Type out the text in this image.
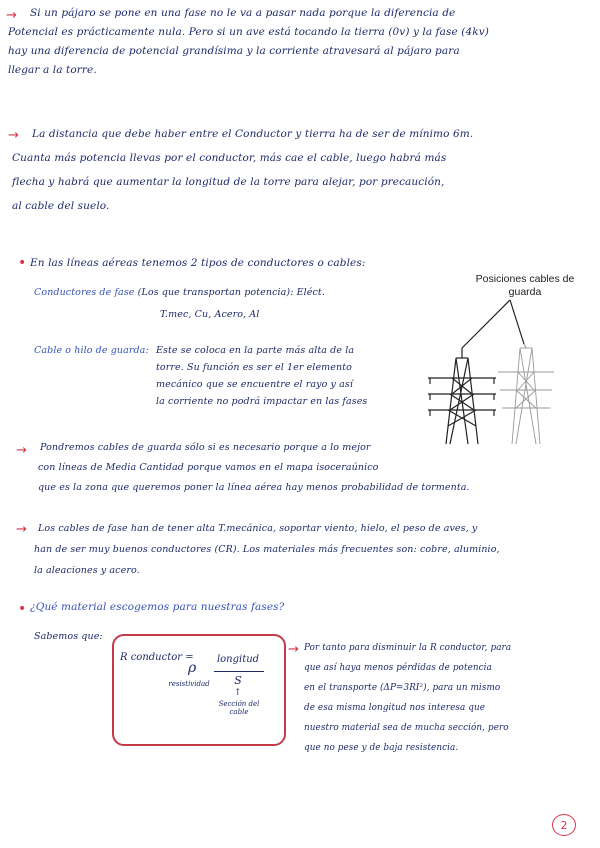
→ Si un pájaro se pone en una fase no le va a pasar nada porque la diferencia de
Potencial es prácticamente nula. Pero si un ave está tocando la tierra (0v) y la fase (4kv)
hay una diferencia de potencial grandísima y la corriente atravesará al pájaro para
llegar a la torre.
→ La distancia que debe haber entre el Conductor y tierra ha de ser de mínimo 6m.
Cuanta más potencia llevas por el conductor, más cae el cable, luego habrá más
flecha y habrá que aumentar la longitud de la torre para alejar, por precaución,
al cable del suelo.
• En las líneas aéreas tenemos 2 tipos de conductores o cables:
Conductores de fase (Los que transportan potencia): Eléct.
T.mec, Cu, Acero, Al
Cable o hilo de guarda: Este se coloca en la parte más alta de la
torre. Su función es ser el 1er elemento
mecánico que se encuentre el rayo y así
la corriente no podrá impactar en las fases
Posiciones cables de guarda
→ Pondremos cables de guarda sólo si es necesario porque a lo mejor
con líneas de Media Cantidad porque vamos en el mapa isoceraúnico
que es la zona que queremos poner la línea aérea hay menos probabilidad de tormenta.
→ Los cables de fase han de tener alta T.mecánica, soportar viento, hielo, el peso de aves, y
han de ser muy buenos conductores (CR). Los materiales más frecuentes son: cobre, aluminio,
la aleaciones y acero.
• ¿Qué material escogemos para nuestras fases?
Sabemos que:
R conductor =
ρ
resistividad
longitud
S
↑
Sección del cable
→ Por tanto para disminuir la R conductor, para
que así haya menos pérdidas de potencia
en el transporte (ΔP=3RI²), para un mismo
de esa misma longitud nos interesa que
nuestro material sea de mucha sección, pero
que no pese y de baja resistencia.
2
